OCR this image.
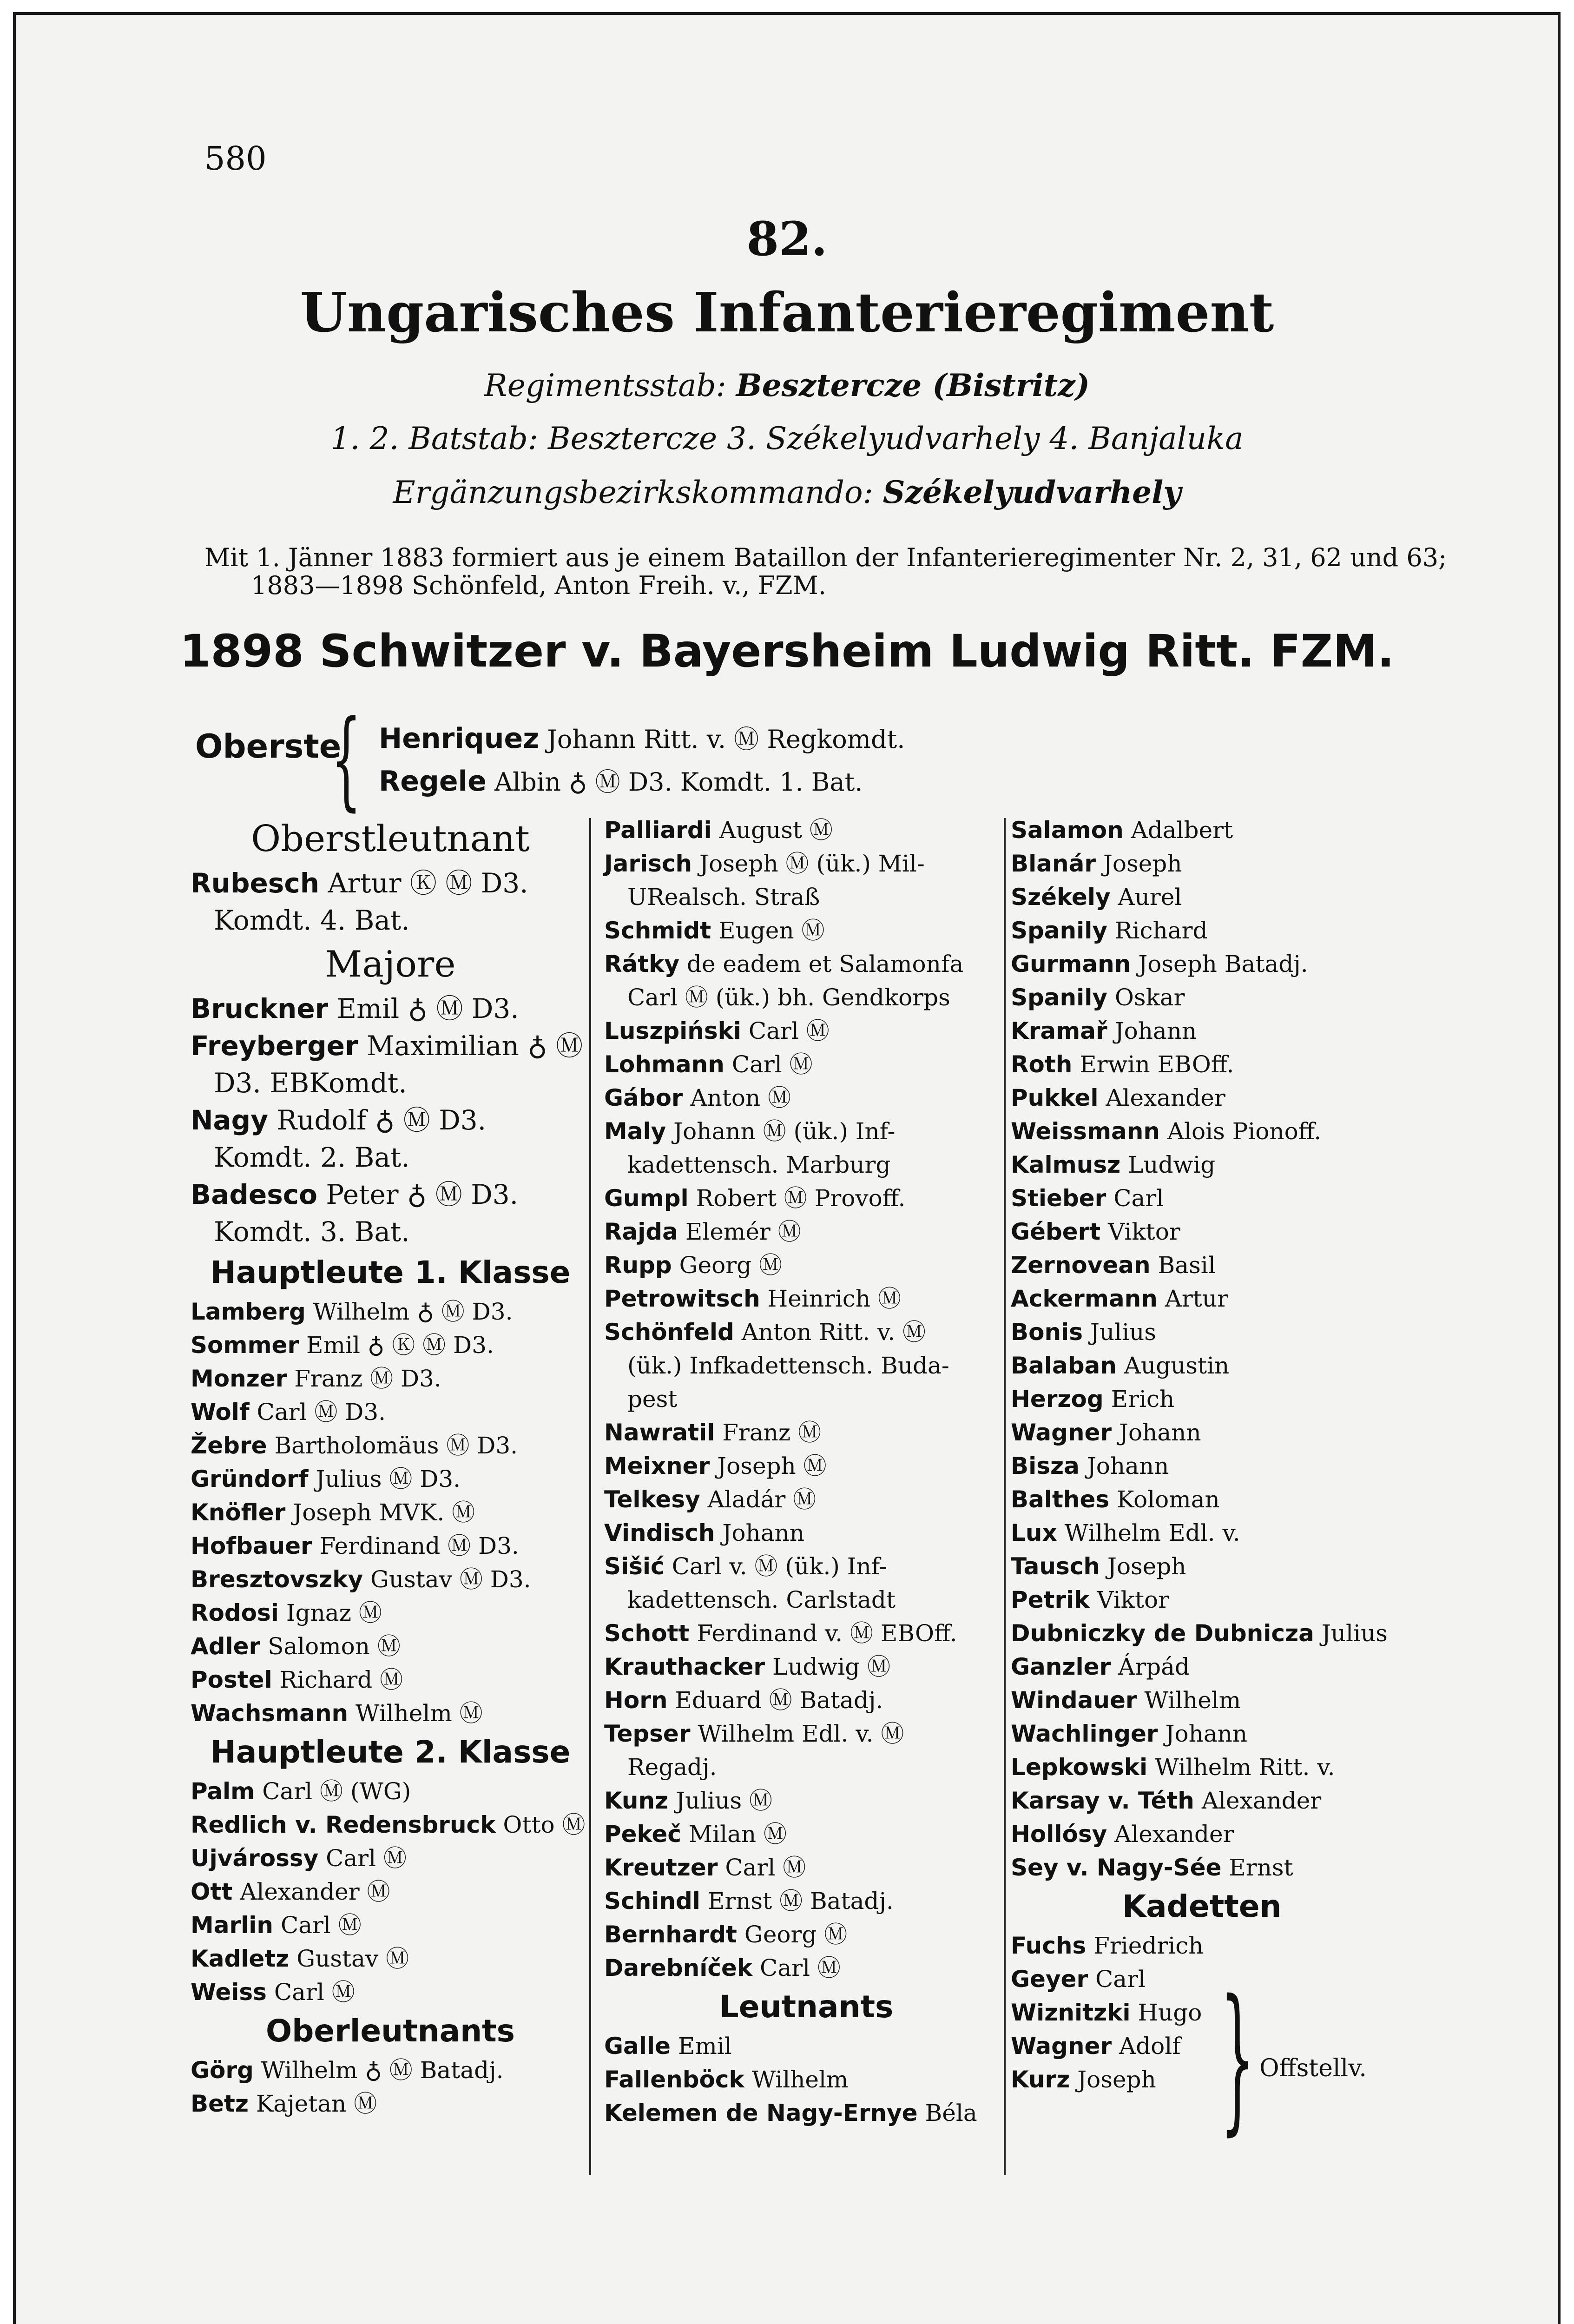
580
82.
Ungarisches Infanterieregiment
Regimentsstab: Besztercze (Bistritz)
1. 2. Batstab: Besztercze 3. Székelyudvarhely 4. Banjaluka
Ergänzungsbezirkskommando: Székelyudvarhely
Mit 1. Jänner 1883 formiert aus je einem Bataillon der Infanterieregimenter Nr. 2, 31, 62 und 63;
1883—1898 Schönfeld, Anton Freih. v., FZM.
1898 Schwitzer v. Bayersheim Ludwig Ritt. FZM.
Oberste
{ Henriquez Johann Ritt. v. Ⓜ Regkomdt.
Regele Albin ♁ Ⓜ D3. Komdt. 1. Bat.
Oberstleutnant
Rubesch Artur Ⓚ Ⓜ D3.
Komdt. 4. Bat.
Majore
Bruckner Emil ♁ Ⓜ D3.
Freyberger Maximilian ♁ Ⓜ
D3. EBKomdt.
Nagy Rudolf ♁ Ⓜ D3.
Komdt. 2. Bat.
Badesco Peter ♁ Ⓜ D3.
Komdt. 3. Bat.
Hauptleute 1. Klasse
Lamberg Wilhelm ♁ Ⓜ D3.
Sommer Emil ♁ Ⓚ Ⓜ D3.
Monzer Franz Ⓜ D3.
Wolf Carl Ⓜ D3.
Žebre Bartholomäus Ⓜ D3.
Gründorf Julius Ⓜ D3.
Knöfler Joseph MVK. Ⓜ
Hofbauer Ferdinand Ⓜ D3.
Bresztovszky Gustav Ⓜ D3.
Rodosi Ignaz Ⓜ
Adler Salomon Ⓜ
Postel Richard Ⓜ
Wachsmann Wilhelm Ⓜ
Hauptleute 2. Klasse
Palm Carl Ⓜ (WG)
Redlich v. Redensbruck Otto Ⓜ
Ujvárossy Carl Ⓜ
Ott Alexander Ⓜ
Marlin Carl Ⓜ
Kadletz Gustav Ⓜ
Weiss Carl Ⓜ
Oberleutnants
Görg Wilhelm ♁ Ⓜ Batadj.
Betz Kajetan Ⓜ
Palliardi August Ⓜ
Jarisch Joseph Ⓜ (ük.) Mil-
URealsch. Straß
Schmidt Eugen Ⓜ
Rátky de eadem et Salamonfa
Carl Ⓜ (ük.) bh. Gendkorps
Luszpiński Carl Ⓜ
Lohmann Carl Ⓜ
Gábor Anton Ⓜ
Maly Johann Ⓜ (ük.) Inf-
kadettensch. Marburg
Gumpl Robert Ⓜ Provoff.
Rajda Elemér Ⓜ
Rupp Georg Ⓜ
Petrowitsch Heinrich Ⓜ
Schönfeld Anton Ritt. v. Ⓜ
(ük.) Infkadettensch. Buda-
pest
Nawratil Franz Ⓜ
Meixner Joseph Ⓜ
Telkesy Aladár Ⓜ
Vindisch Johann
Sišić Carl v. Ⓜ (ük.) Inf-
kadettensch. Carlstadt
Schott Ferdinand v. Ⓜ EBOff.
Krauthacker Ludwig Ⓜ
Horn Eduard Ⓜ Batadj.
Tepser Wilhelm Edl. v. Ⓜ
Regadj.
Kunz Julius Ⓜ
Pekeč Milan Ⓜ
Kreutzer Carl Ⓜ
Schindl Ernst Ⓜ Batadj.
Bernhardt Georg Ⓜ
Darebníček Carl Ⓜ
Leutnants
Galle Emil
Fallenböck Wilhelm
Kelemen de Nagy-Ernye Béla
Salamon Adalbert
Blanár Joseph
Székely Aurel
Spanily Richard
Gurmann Joseph Batadj.
Spanily Oskar
Kramař Johann
Roth Erwin EBOff.
Pukkel Alexander
Weissmann Alois Pionoff.
Kalmusz Ludwig
Stieber Carl
Gébert Viktor
Zernovean Basil
Ackermann Artur
Bonis Julius
Balaban Augustin
Herzog Erich
Wagner Johann
Bisza Johann
Balthes Koloman
Lux Wilhelm Edl. v.
Tausch Joseph
Petrik Viktor
Dubniczky de Dubnicza Julius
Ganzler Árpád
Windauer Wilhelm
Wachlinger Johann
Lepkowski Wilhelm Ritt. v.
Karsay v. Téth Alexander
Hollósy Alexander
Sey v. Nagy-Sée Ernst
Kadetten
Fuchs Friedrich
Geyer Carl
Wiznitzki Hugo
Wagner Adolf
Kurz Joseph } Offstellv.
